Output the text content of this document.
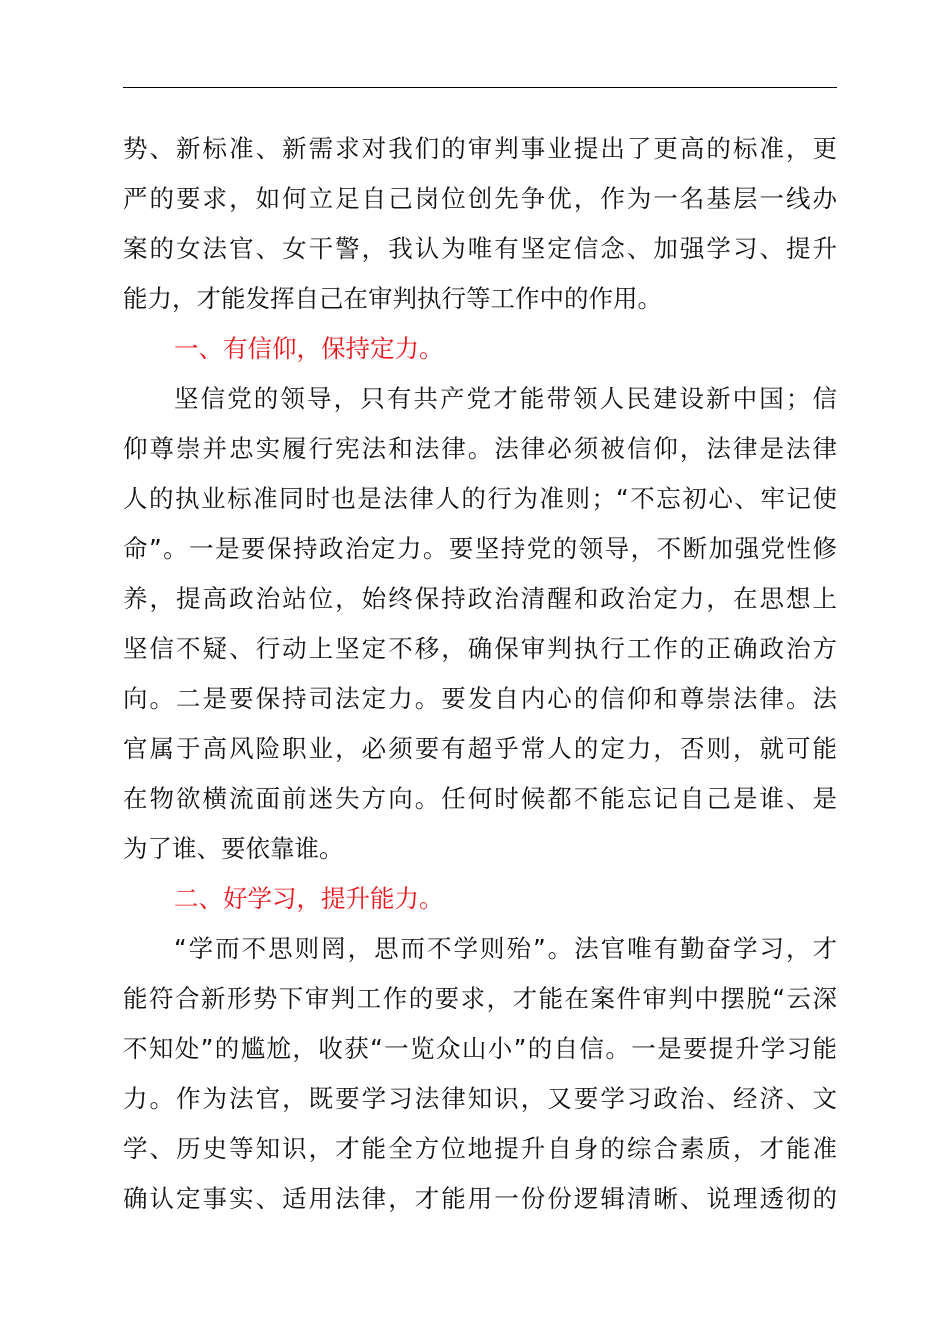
势、新标准、新需求对我们的审判事业提出了更高的标准，更
严的要求，如何立足自己岗位创先争优，作为一名基层一线办
案的女法官、女干警，我认为唯有坚定信念、加强学习、提升
能力，才能发挥自己在审判执行等工作中的作用。
一、有信仰，保持定力。
坚信党的领导，只有共产党才能带领人民建设新中国；信
仰尊崇并忠实履行宪法和法律。法律必须被信仰，法律是法律
人的执业标准同时也是法律人的行为准则；“不忘初心、牢记使
命”。一是要保持政治定力。要坚持党的领导，不断加强党性修
养，提高政治站位，始终保持政治清醒和政治定力，在思想上
坚信不疑、行动上坚定不移，确保审判执行工作的正确政治方
向。二是要保持司法定力。要发自内心的信仰和尊崇法律。法
官属于高风险职业，必须要有超乎常人的定力，否则，就可能
在物欲横流面前迷失方向。任何时候都不能忘记自己是谁、是
为了谁、要依靠谁。
二、好学习，提升能力。
“学而不思则罔，思而不学则殆”。法官唯有勤奋学习，才
能符合新形势下审判工作的要求，才能在案件审判中摆脱“云深
不知处”的尴尬，收获“一览众山小”的自信。一是要提升学习能
力。作为法官，既要学习法律知识，又要学习政治、经济、文
学、历史等知识，才能全方位地提升自身的综合素质，才能准
确认定事实、适用法律，才能用一份份逻辑清晰、说理透彻的
